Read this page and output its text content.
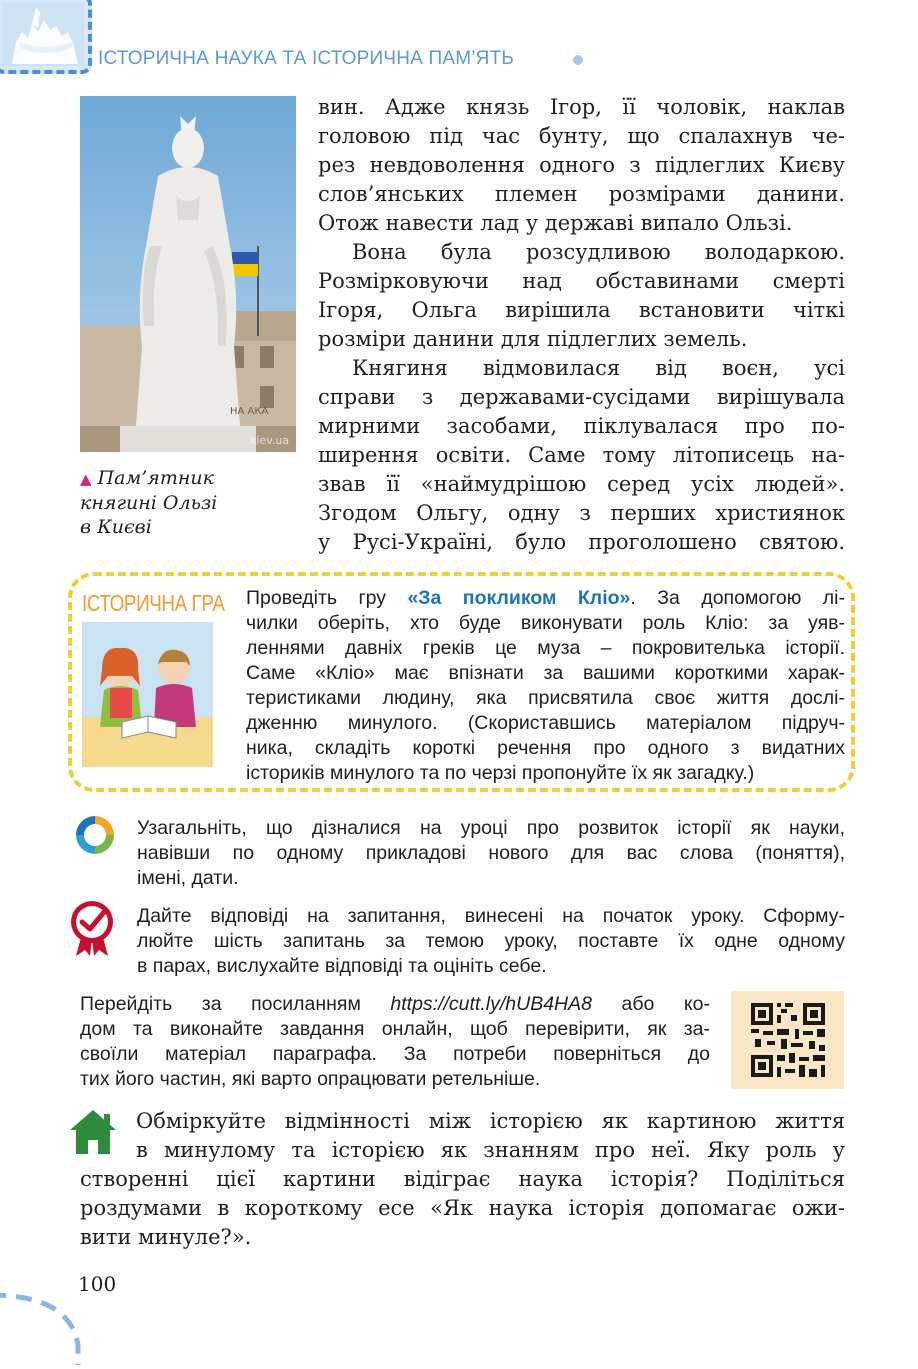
ІСТОРИЧНА НАУКА ТА ІСТОРИЧНА ПАМ’ЯТЬ
kiev.ua
НА АКА
▲ Пам’ятник
княгині Ользі
в Києві
вин. Адже князь Ігор, її чоловік, наклав
головою під час бунту, що спалахнув че-
рез невдоволення одного з підлеглих Києву
слов’янських племен розмірами данини.
Отож навести лад у державі випало Ользі.
Вона була розсудливою володаркою.
Розмірковуючи над обставинами смерті
Ігоря, Ольга вирішила встановити чіткі
розміри данини для підлеглих земель.
Княгиня відмовилася від воєн, усі
справи з державами-сусідами вирішувала
мирними засобами, піклувалася про по-
ширення освіти. Саме тому літописець на-
звав її «наймудрішою серед усіх людей».
Згодом Ольгу, одну з перших християнок
у Русі-Україні, було проголошено святою.
ІСТОРИЧНА ГРА Проведіть гру «За покликом Кліо». За допомогою лі-
чилки оберіть, хто буде виконувати роль Кліо: за уяв-
леннями давніх греків це муза – покровителька історії.
Саме «Кліо» має впізнати за вашими короткими харак-
теристиками людину, яка присвятила своє життя дослі-
дженню минулого. (Скориставшись матеріалом підруч-
ника, складіть короткі речення про одного з видатних
істориків минулого та по черзі пропонуйте їх як загадку.)
Узагальніть, що дізналися на уроці про розвиток історії як науки,
навівши по одному прикладові нового для вас слова (поняття),
імені, дати.
Дайте відповіді на запитання, винесені на початок уроку. Сформу-
люйте шість запитань за темою уроку, поставте їх одне одному
в парах, вислухайте відповіді та оцініть себе.
Перейдіть за посиланням https://cutt.ly/hUB4HA8 або ко-
дом та виконайте завдання онлайн, щоб перевірити, як за-
своїли матеріал параграфа. За потреби поверніться до
тих його частин, які варто опрацювати ретельніше.
Обміркуйте відмінності між історією як картиною життя
в минулому та історією як знанням про неї. Яку роль у
створенні цієї картини відіграє наука історія? Поділіться
роздумами в короткому есе «Як наука історія допомагає ожи-
вити минуле?».
100
